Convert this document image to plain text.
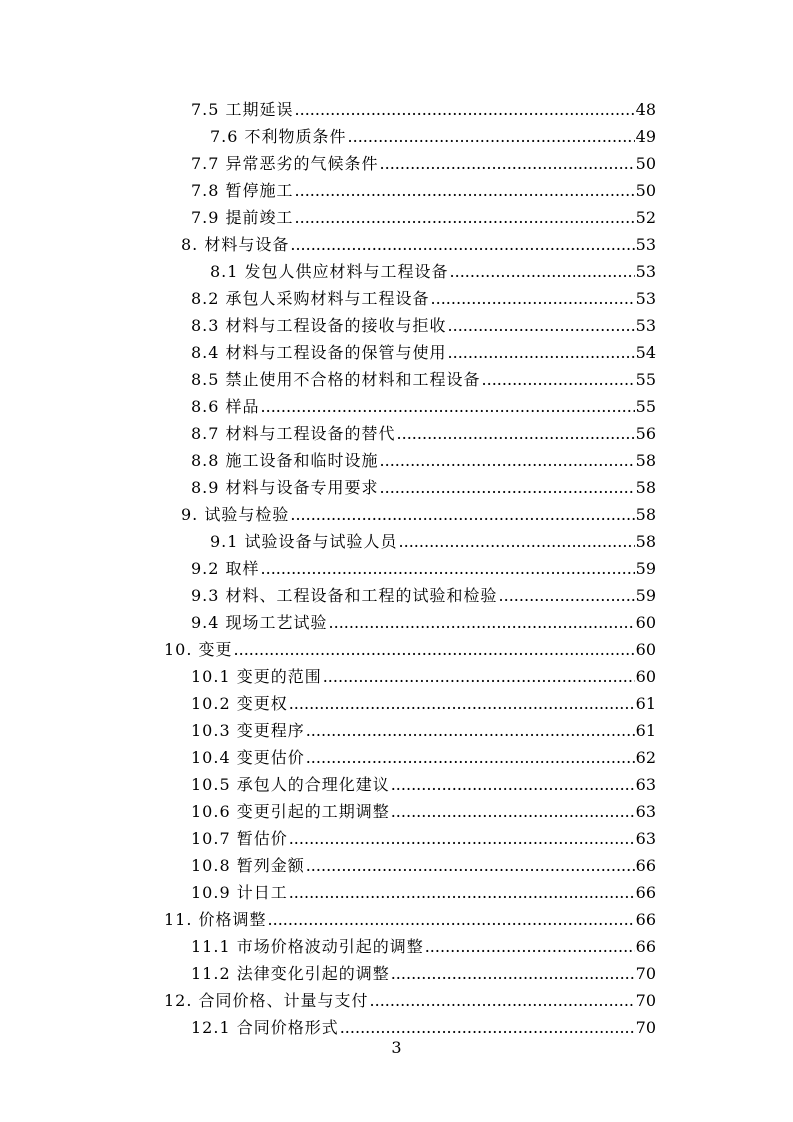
7.5 工期延误 .....	48
7.6 不利物质条件 .....	49
7.7 异常恶劣的气候条件 .....	50
7.8 暂停施工 .....	50
7.9 提前竣工 .....	52
8. 材料与设备 .....	53
8.1 发包人供应材料与工程设备 .....	53
8.2 承包人采购材料与工程设备 .....	53
8.3 材料与工程设备的接收与拒收 .....	53
8.4 材料与工程设备的保管与使用 .....	54
8.5 禁止使用不合格的材料和工程设备 .....	55
8.6 样品 .....	55
8.7 材料与工程设备的替代 .....	56
8.8 施工设备和临时设施 .....	58
8.9 材料与设备专用要求 .....	58
9. 试验与检验 .....	58
9.1 试验设备与试验人员 .....	58
9.2 取样 .....	59
9.3 材料、工程设备和工程的试验和检验 .....	59
9.4 现场工艺试验 .....	60
10. 变更 .....	60
10.1 变更的范围 .....	60
10.2 变更权 .....	61
10.3 变更程序 .....	61
10.4 变更估价 .....	62
10.5 承包人的合理化建议 .....	63
10.6 变更引起的工期调整 .....	63
10.7 暂估价 .....	63
10.8 暂列金额 .....	66
10.9 计日工 .....	66
11. 价格调整 .....	66
11.1 市场价格波动引起的调整 .....	66
11.2 法律变化引起的调整 .....	70
12. 合同价格、计量与支付 .....	70
12.1 合同价格形式 .....	70
3
